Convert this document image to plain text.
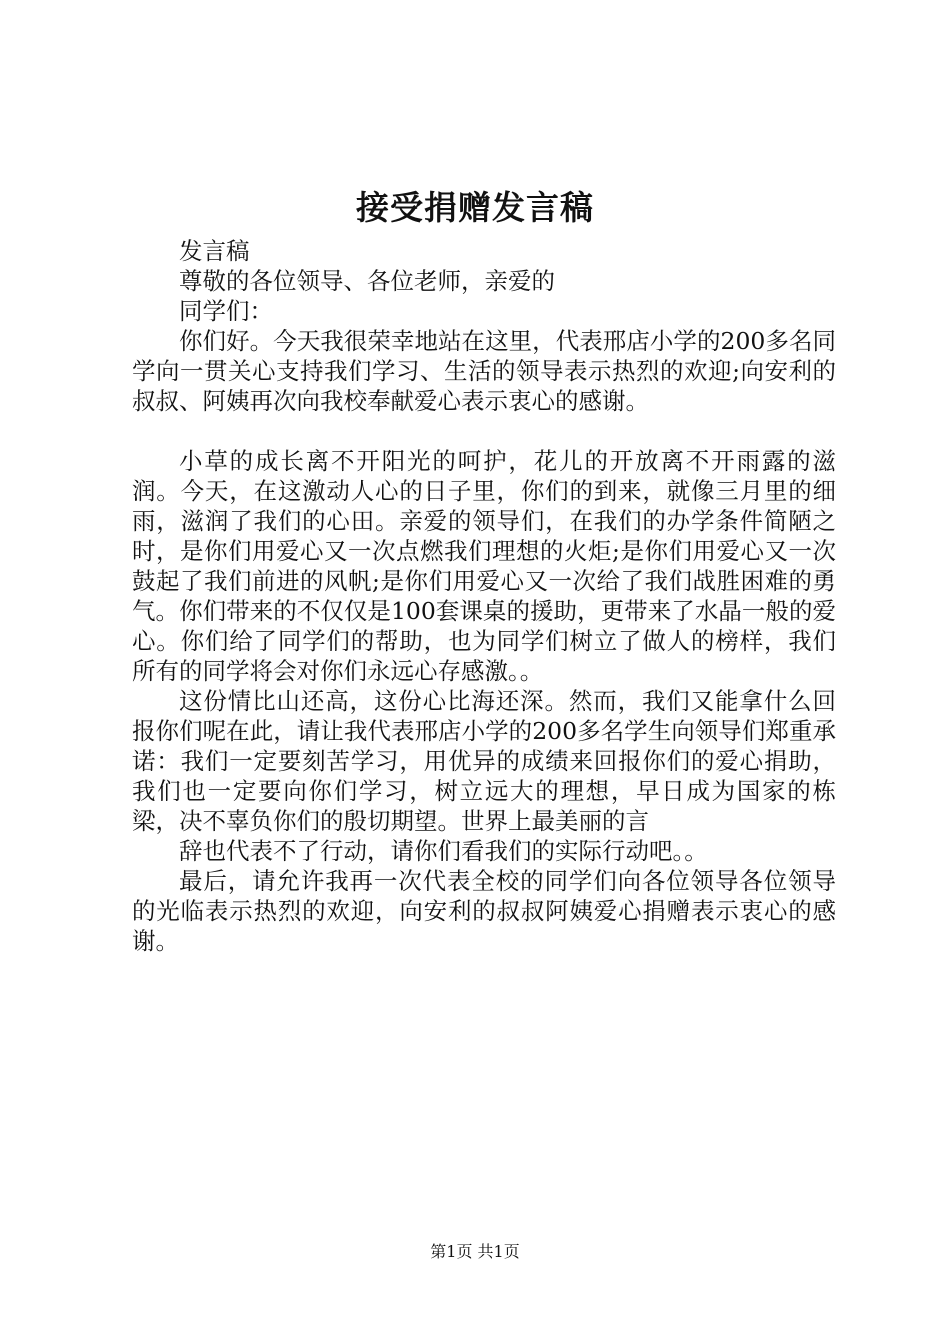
接受捐赠发言稿

发言稿

尊敬的各位领导、各位老师，亲爱的

同学们：

你们好。今天我很荣幸地站在这里，代表邢店小学的200多名同学向一贯关心支持我们学习、生活的领导表示热烈的欢迎;向安利的叔叔、阿姨再次向我校奉献爱心表示衷心的感谢。

小草的成长离不开阳光的呵护，花儿的开放离不开雨露的滋润。今天，在这激动人心的日子里，你们的到来，就像三月里的细雨，滋润了我们的心田。亲爱的领导们，在我们的办学条件简陋之时，是你们用爱心又一次点燃我们理想的火炬;是你们用爱心又一次鼓起了我们前进的风帆;是你们用爱心又一次给了我们战胜困难的勇气。你们带来的不仅仅是100套课桌的援助，更带来了水晶一般的爱心。你们给了同学们的帮助，也为同学们树立了做人的榜样，我们所有的同学将会对你们永远心存感激。。

这份情比山还高，这份心比海还深。然而，我们又能拿什么回报你们呢在此，请让我代表邢店小学的200多名学生向领导们郑重承诺：我们一定要刻苦学习，用优异的成绩来回报你们的爱心捐助，我们也一定要向你们学习，树立远大的理想，早日成为国家的栋梁，决不辜负你们的殷切期望。世界上最美丽的言

辞也代表不了行动，请你们看我们的实际行动吧。。

最后，请允许我再一次代表全校的同学们向各位领导各位领导的光临表示热烈的欢迎，向安利的叔叔阿姨爱心捐赠表示衷心的感谢。

第1页 共1页
